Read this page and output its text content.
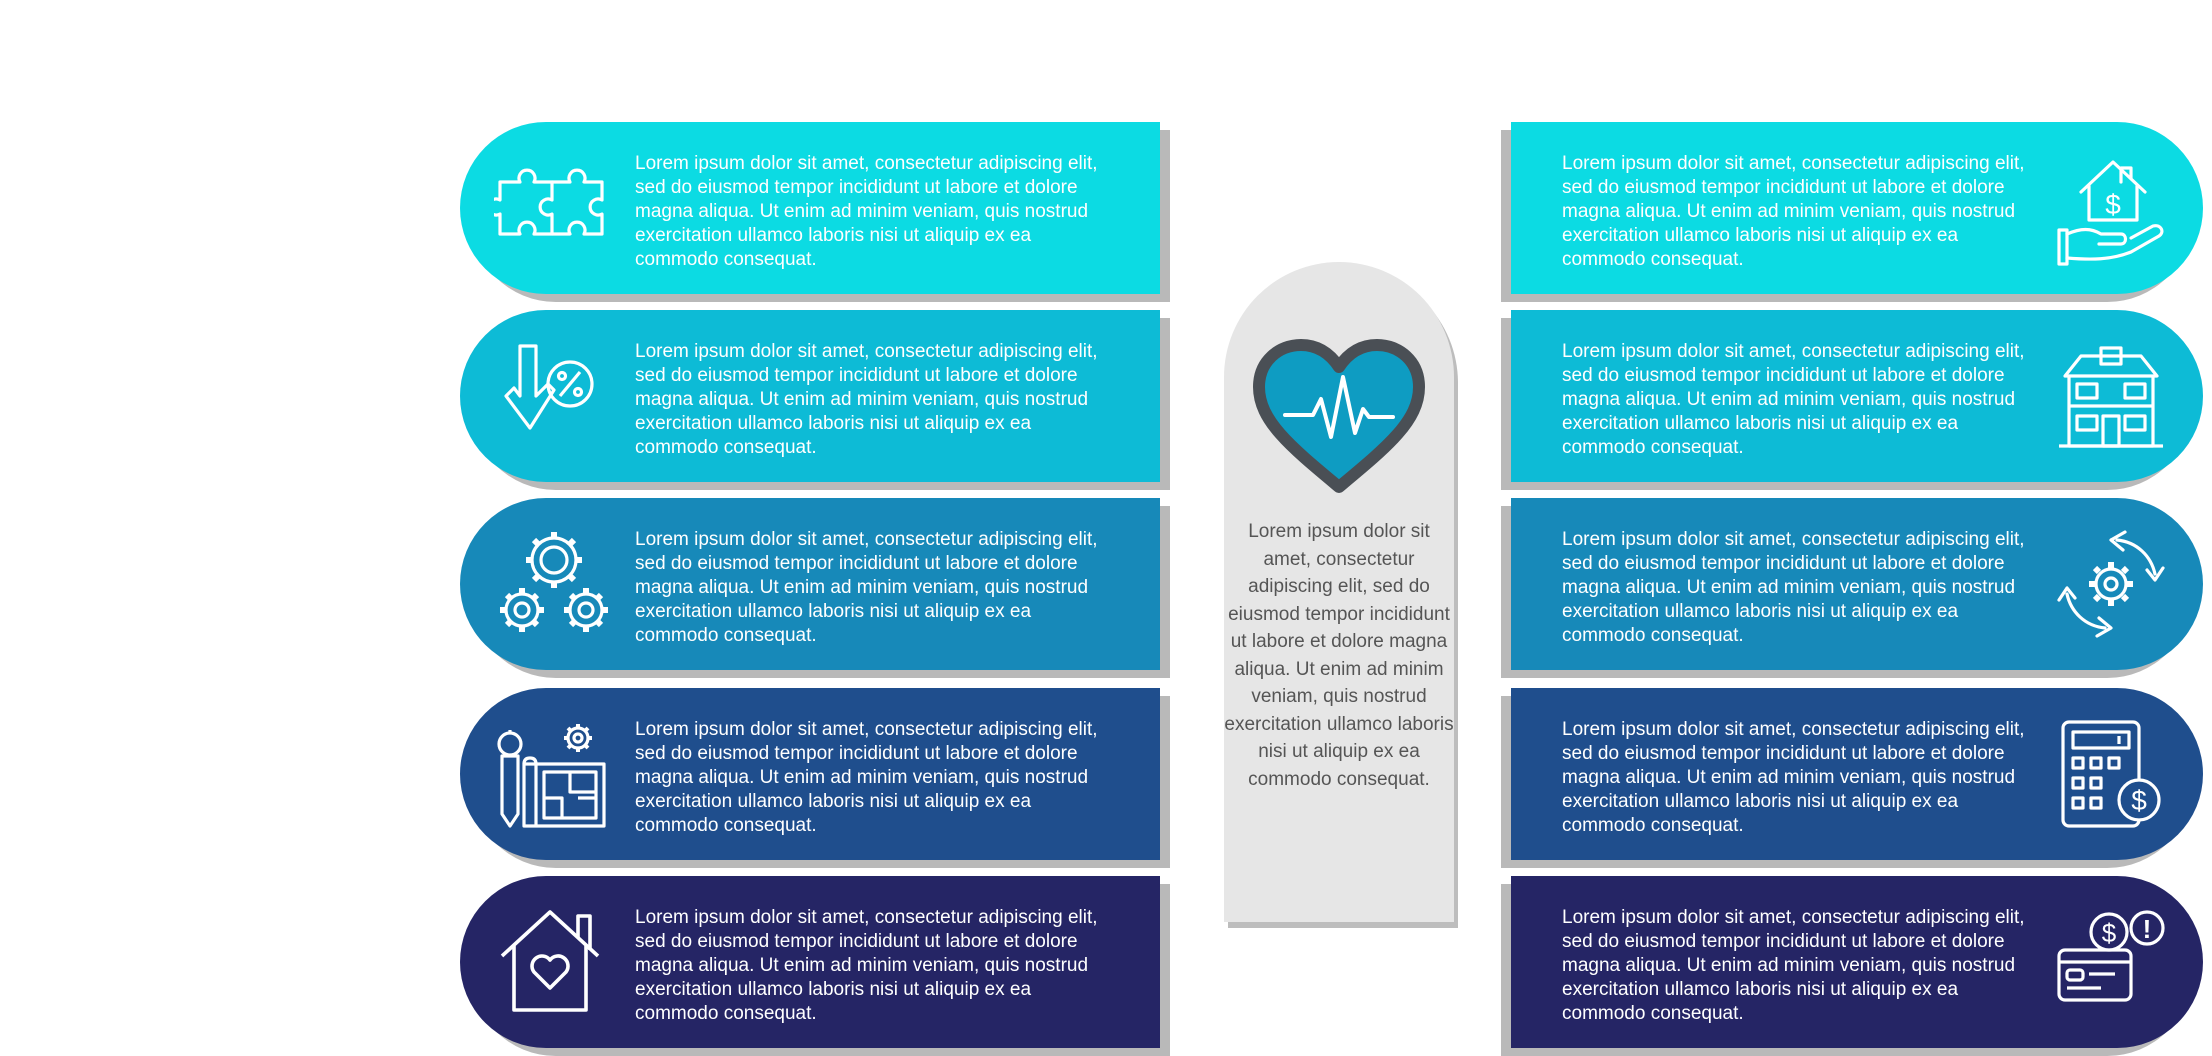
Lorem ipsum dolor sit amet, consectetur adipiscing elit, sed do eiusmod tempor incididunt ut labore et dolore magna aliqua. Ut enim ad minim veniam, quis nostrud exercitation ullamco laboris nisi ut aliquip ex ea commodo consequat.
Lorem ipsum dolor sit amet, consectetur adipiscing elit, sed do eiusmod tempor incididunt ut labore et dolore magna aliqua. Ut enim ad minim veniam, quis nostrud exercitation ullamco laboris nisi ut aliquip ex ea commodo consequat.
Lorem ipsum dolor sit amet, consectetur adipiscing elit, sed do eiusmod tempor incididunt ut labore et dolore magna aliqua. Ut enim ad minim veniam, quis nostrud exercitation ullamco laboris nisi ut aliquip ex ea commodo consequat.
Lorem ipsum dolor sit amet, consectetur adipiscing elit, sed do eiusmod tempor incididunt ut labore et dolore magna aliqua. Ut enim ad minim veniam, quis nostrud exercitation ullamco laboris nisi ut aliquip ex ea commodo consequat.
Lorem ipsum dolor sit amet, consectetur adipiscing elit, sed do eiusmod tempor incididunt ut labore et dolore magna aliqua. Ut enim ad minim veniam, quis nostrud exercitation ullamco laboris nisi ut aliquip ex ea commodo consequat.
Lorem ipsum dolor sit amet, consectetur adipiscing elit, sed do eiusmod tempor incididunt ut labore et dolore magna aliqua. Ut enim ad minim veniam, quis nostrud exercitation ullamco laboris nisi ut aliquip ex ea commodo consequat.
$
Lorem ipsum dolor sit amet, consectetur adipiscing elit, sed do eiusmod tempor incididunt ut labore et dolore magna aliqua. Ut enim ad minim veniam, quis nostrud exercitation ullamco laboris nisi ut aliquip ex ea commodo consequat.
Lorem ipsum dolor sit amet, consectetur adipiscing elit, sed do eiusmod tempor incididunt ut labore et dolore magna aliqua. Ut enim ad minim veniam, quis nostrud exercitation ullamco laboris nisi ut aliquip ex ea commodo consequat.
Lorem ipsum dolor sit amet, consectetur adipiscing elit, sed do eiusmod tempor incididunt ut labore et dolore magna aliqua. Ut enim ad minim veniam, quis nostrud exercitation ullamco laboris nisi ut aliquip ex ea commodo consequat.
$
Lorem ipsum dolor sit amet, consectetur adipiscing elit, sed do eiusmod tempor incididunt ut labore et dolore magna aliqua. Ut enim ad minim veniam, quis nostrud exercitation ullamco laboris nisi ut aliquip ex ea commodo consequat.
$ !
Lorem ipsum dolor sit amet, consectetur adipiscing elit, sed do eiusmod tempor incididunt ut labore et dolore magna aliqua. Ut enim ad minim veniam, quis nostrud exercitation ullamco laboris nisi ut aliquip ex ea commodo consequat.
